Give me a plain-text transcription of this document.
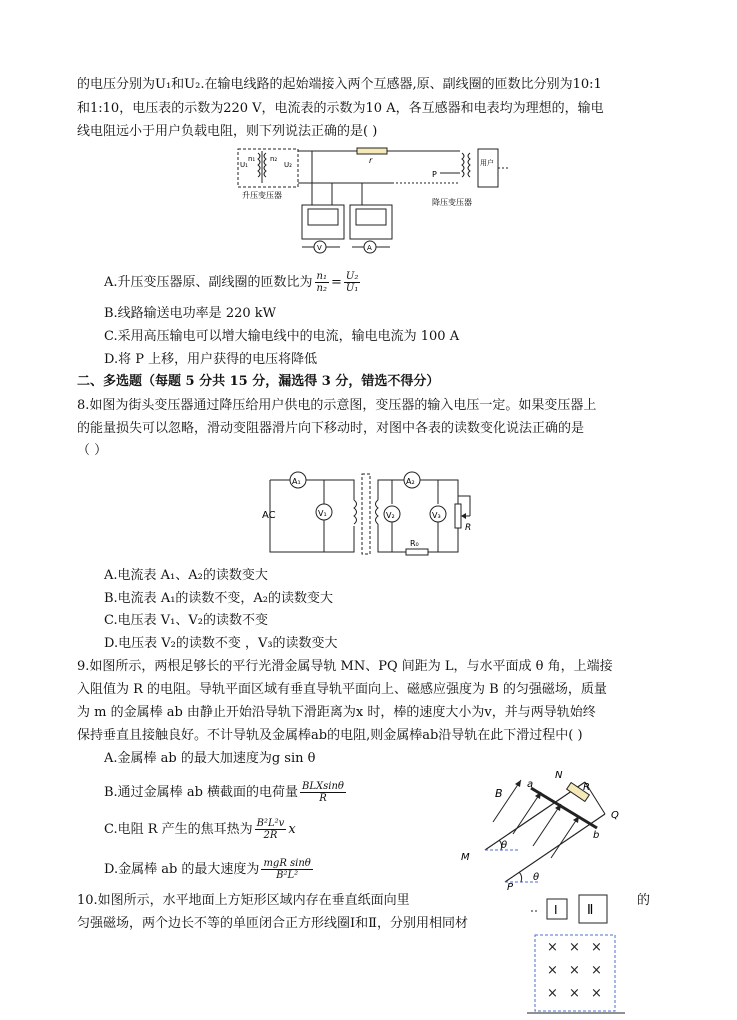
的电压分别为U₁和U₂.在输电线路的起始端接入两个互感器,原、副线圈的匝数比分别为10:1
和1:10，电压表的示数为220 V，电流表的示数为10 A，各互感器和电表均为理想的，输电
线电阻远小于用户负载电阻，则下列说法正确的是( )
U₁
n₁ n₂
U₂	r	用户
P
升压变压器
降压变压器
V	A
A.升压变压器原、副线圈的匝数比为 $\frac{\text{n₁}}{\text{n₂}} = \frac{\text{U₂}}{\text{U₁}}$
B.线路输送电功率是 220 kW
C.采用高压输电可以增大输电线中的电流，输电电流为 100 A
D.将 P 上移，用户获得的电压将降低
二、多选题（每题 5 分共 15 分，漏选得 3 分，错选不得分）
8.如图为街头变压器通过降压给用户供电的示意图，变压器的输入电压一定。如果变压器上
的能量损失可以忽略，滑动变阻器滑片向下移动时，对图中各表的读数变化说法正确的是
（ ）
A₁
AC	V₁
A₂
R₀
V₂	V₃
R
A.电流表 A₁、A₂的读数变大
B.电流表 A₁的读数不变，A₂的读数变大
C.电压表 V₁、V₂的读数不变
D.电压表 V₂的读数不变 ，V₃的读数变大
9.如图所示，两根足够长的平行光滑金属导轨 MN、PQ 间距为 L，与水平面成 θ 角，上端接
入阻值为 R 的电阻。导轨平面区域有垂直导轨平面向上、磁感应强度为 B 的匀强磁场，质量
为 m 的金属棒 ab 由静止开始沿导轨下滑距离为x 时，棒的速度大小为v，并与两导轨始终
保持垂直且接触良好。不计导轨及金属棒ab的电阻,则金属棒ab沿导轨在此下滑过程中( )
A.金属棒 ab 的最大加速度为g sin θ
B.通过金属棒 ab 横截面的电荷量 $\frac{\text{BLXsinθ}}{R}$
C.电阻 R 产生的焦耳热为 $\frac{\text{B²L²v}}{2R}$ x
D.金属棒 ab 的最大速度为 $\frac{\text{mgR sinθ}}{\text{B²L²}}$
θ
θ
B
a
N
R
Q
b
M
P
10.如图所示，水平地面上方矩形区域内存在垂直纸面向里	的
匀强磁场，两个边长不等的单匝闭合正方形线圈Ⅰ和Ⅱ，分别用相同材
Ⅰ Ⅱ
× × ×
× × ×
× × ×
